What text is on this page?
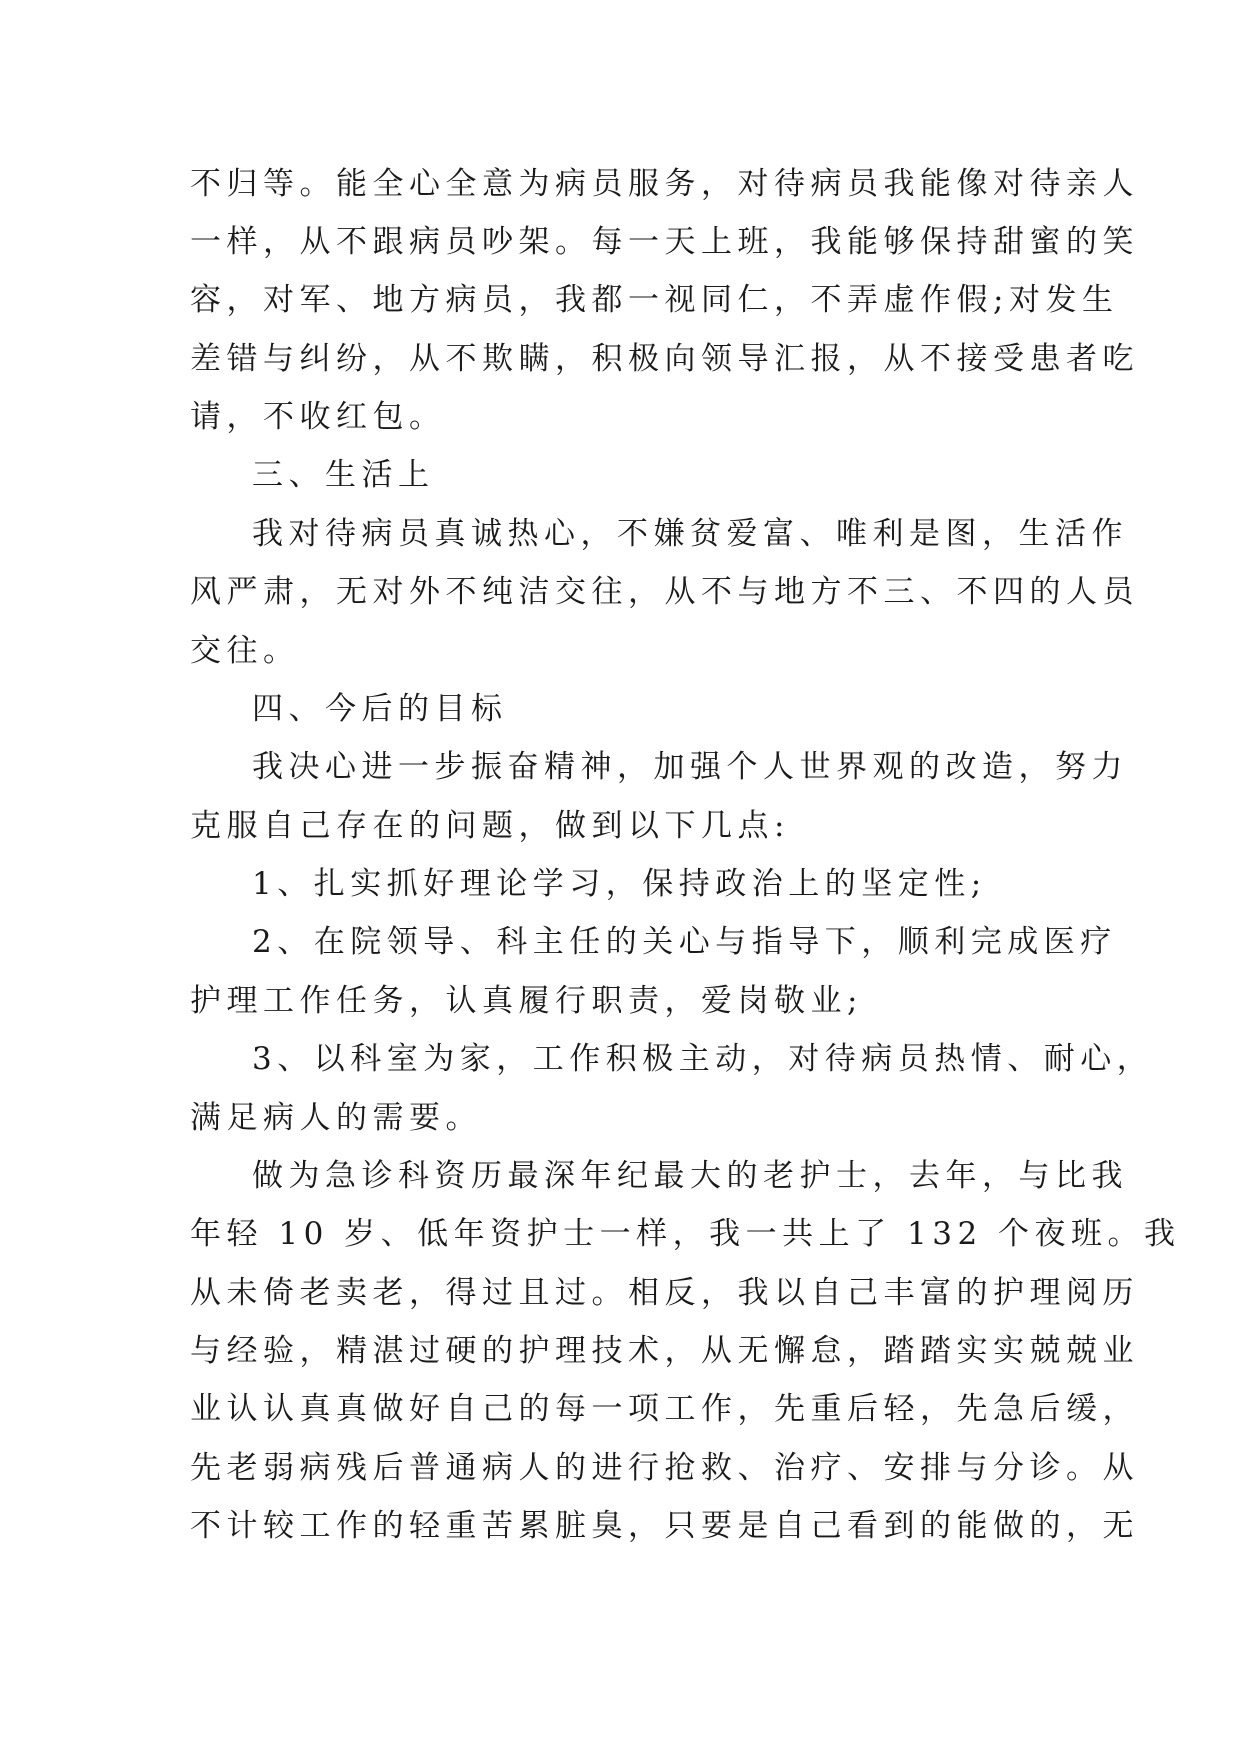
不归等。能全心全意为病员服务，对待病员我能像对待亲人
一样，从不跟病员吵架。每一天上班，我能够保持甜蜜的笑
容，对军、地方病员，我都一视同仁，不弄虚作假;对发生
差错与纠纷，从不欺瞒，积极向领导汇报，从不接受患者吃
请，不收红包。
三、生活上
我对待病员真诚热心，不嫌贫爱富、唯利是图，生活作
风严肃，无对外不纯洁交往，从不与地方不三、不四的人员
交往。
四、今后的目标
我决心进一步振奋精神，加强个人世界观的改造，努力
克服自己存在的问题，做到以下几点:
1、扎实抓好理论学习，保持政治上的坚定性;
2、在院领导、科主任的关心与指导下，顺利完成医疗
护理工作任务，认真履行职责，爱岗敬业;
3、以科室为家，工作积极主动，对待病员热情、耐心，
满足病人的需要。
做为急诊科资历最深年纪最大的老护士，去年，与比我
年轻 10 岁、低年资护士一样，我一共上了 132 个夜班。我
从未倚老卖老，得过且过。相反，我以自己丰富的护理阅历
与经验，精湛过硬的护理技术，从无懈怠，踏踏实实兢兢业
业认认真真做好自己的每一项工作，先重后轻，先急后缓，
先老弱病残后普通病人的进行抢救、治疗、安排与分诊。从
不计较工作的轻重苦累脏臭，只要是自己看到的能做的，无
